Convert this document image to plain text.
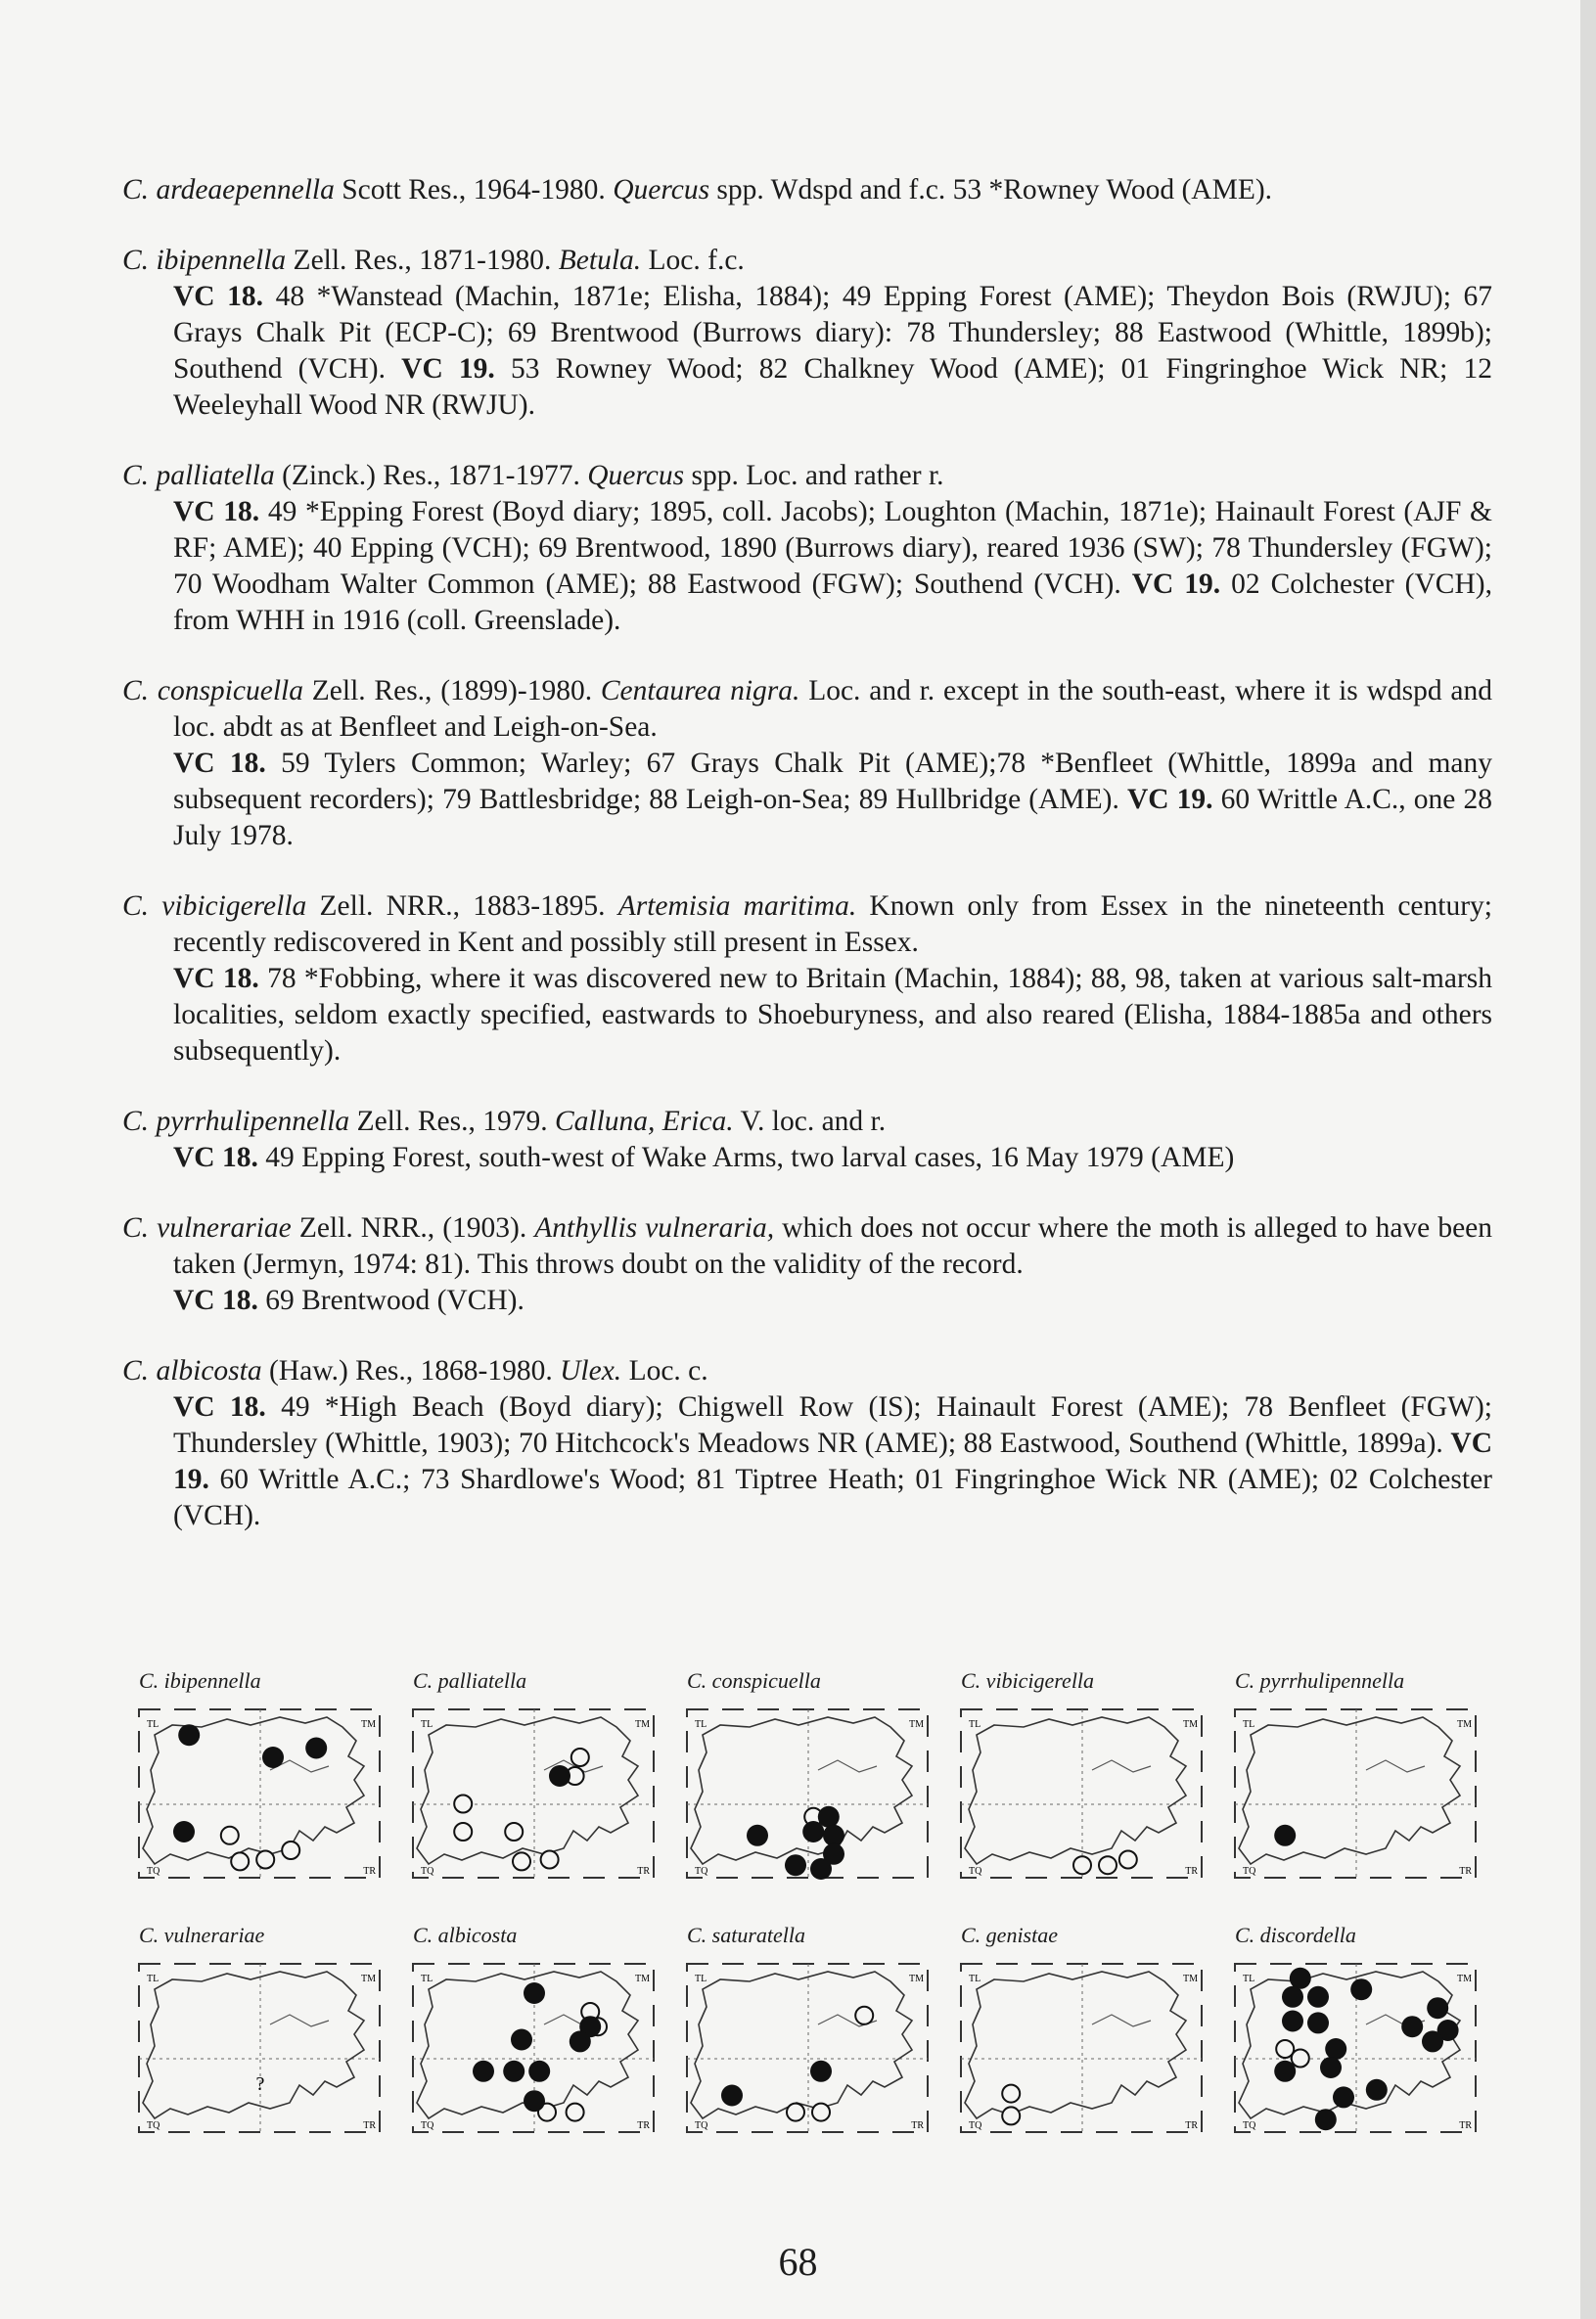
C. ardeaepennella Scott Res., 1964-1980. Quercus spp. Wdspd and f.c. 53 *Rowney Wood (AME).
C. ibipennella Zell. Res., 1871-1980. Betula. Loc. f.c.
VC 18. 48 *Wanstead (Machin, 1871e; Elisha, 1884); 49 Epping Forest (AME); Theydon Bois (RWJU); 67 Grays Chalk Pit (ECP-C); 69 Brentwood (Burrows diary): 78 Thundersley; 88 Eastwood (Whittle, 1899b); Southend (VCH). VC 19. 53 Rowney Wood; 82 Chalkney Wood (AME); 01 Fingringhoe Wick NR; 12 Weeleyhall Wood NR (RWJU).
C. palliatella (Zinck.) Res., 1871-1977. Quercus spp. Loc. and rather r.
VC 18. 49 *Epping Forest (Boyd diary; 1895, coll. Jacobs); Loughton (Machin, 1871e); Hainault Forest (AJF & RF; AME); 40 Epping (VCH); 69 Brentwood, 1890 (Burrows diary), reared 1936 (SW); 78 Thundersley (FGW); 70 Woodham Walter Common (AME); 88 Eastwood (FGW); Southend (VCH). VC 19. 02 Colchester (VCH), from WHH in 1916 (coll. Greenslade).
C. conspicuella Zell. Res., (1899)-1980. Centaurea nigra. Loc. and r. except in the south-east, where it is wdspd and loc. abdt as at Benfleet and Leigh-on-Sea.
VC 18. 59 Tylers Common; Warley; 67 Grays Chalk Pit (AME);78 *Benfleet (Whittle, 1899a and many subsequent recorders); 79 Battlesbridge; 88 Leigh-on-Sea; 89 Hullbridge (AME). VC 19. 60 Writtle A.C., one 28 July 1978.
C. vibicigerella Zell. NRR., 1883-1895. Artemisia maritima. Known only from Essex in the nineteenth century; recently rediscovered in Kent and possibly still present in Essex.
VC 18. 78 *Fobbing, where it was discovered new to Britain (Machin, 1884); 88, 98, taken at various salt-marsh localities, seldom exactly specified, eastwards to Shoeburyness, and also reared (Elisha, 1884-1885a and others subsequently).
C. pyrrhulipennella Zell. Res., 1979. Calluna, Erica. V. loc. and r.
VC 18. 49 Epping Forest, south-west of Wake Arms, two larval cases, 16 May 1979 (AME)
C. vulnerariae Zell. NRR., (1903). Anthyllis vulneraria, which does not occur where the moth is alleged to have been taken (Jermyn, 1974: 81). This throws doubt on the validity of the record.
VC 18. 69 Brentwood (VCH).
C. albicosta (Haw.) Res., 1868-1980. Ulex. Loc. c.
VC 18. 49 *High Beach (Boyd diary); Chigwell Row (IS); Hainault Forest (AME); 78 Benfleet (FGW); Thundersley (Whittle, 1903); 70 Hitchcock's Meadows NR (AME); 88 Eastwood, Southend (Whittle, 1899a). VC 19. 60 Writtle A.C.; 73 Shardlowe's Wood; 81 Tiptree Heath; 01 Fingringhoe Wick NR (AME); 02 Colchester (VCH).
C. ibipennella
TL	TM
TQ	TR
C. palliatella
TL	TM
TQ	TR
C. conspicuella
TL	TM
TQ
C. vibicigerella
TL	TM
TQ	TR
C. pyrrhulipennella
TL	TM
TQ	TR
C. vulnerariae
TL	TM
TQ	TR
?
C. albicosta
TL	TM
TQ	TR
C. saturatella
TL	TM
TQ	TR
C. genistae
TL	TM
TQ	TR
C. discordella
TL	TM
TQ	TR
68
